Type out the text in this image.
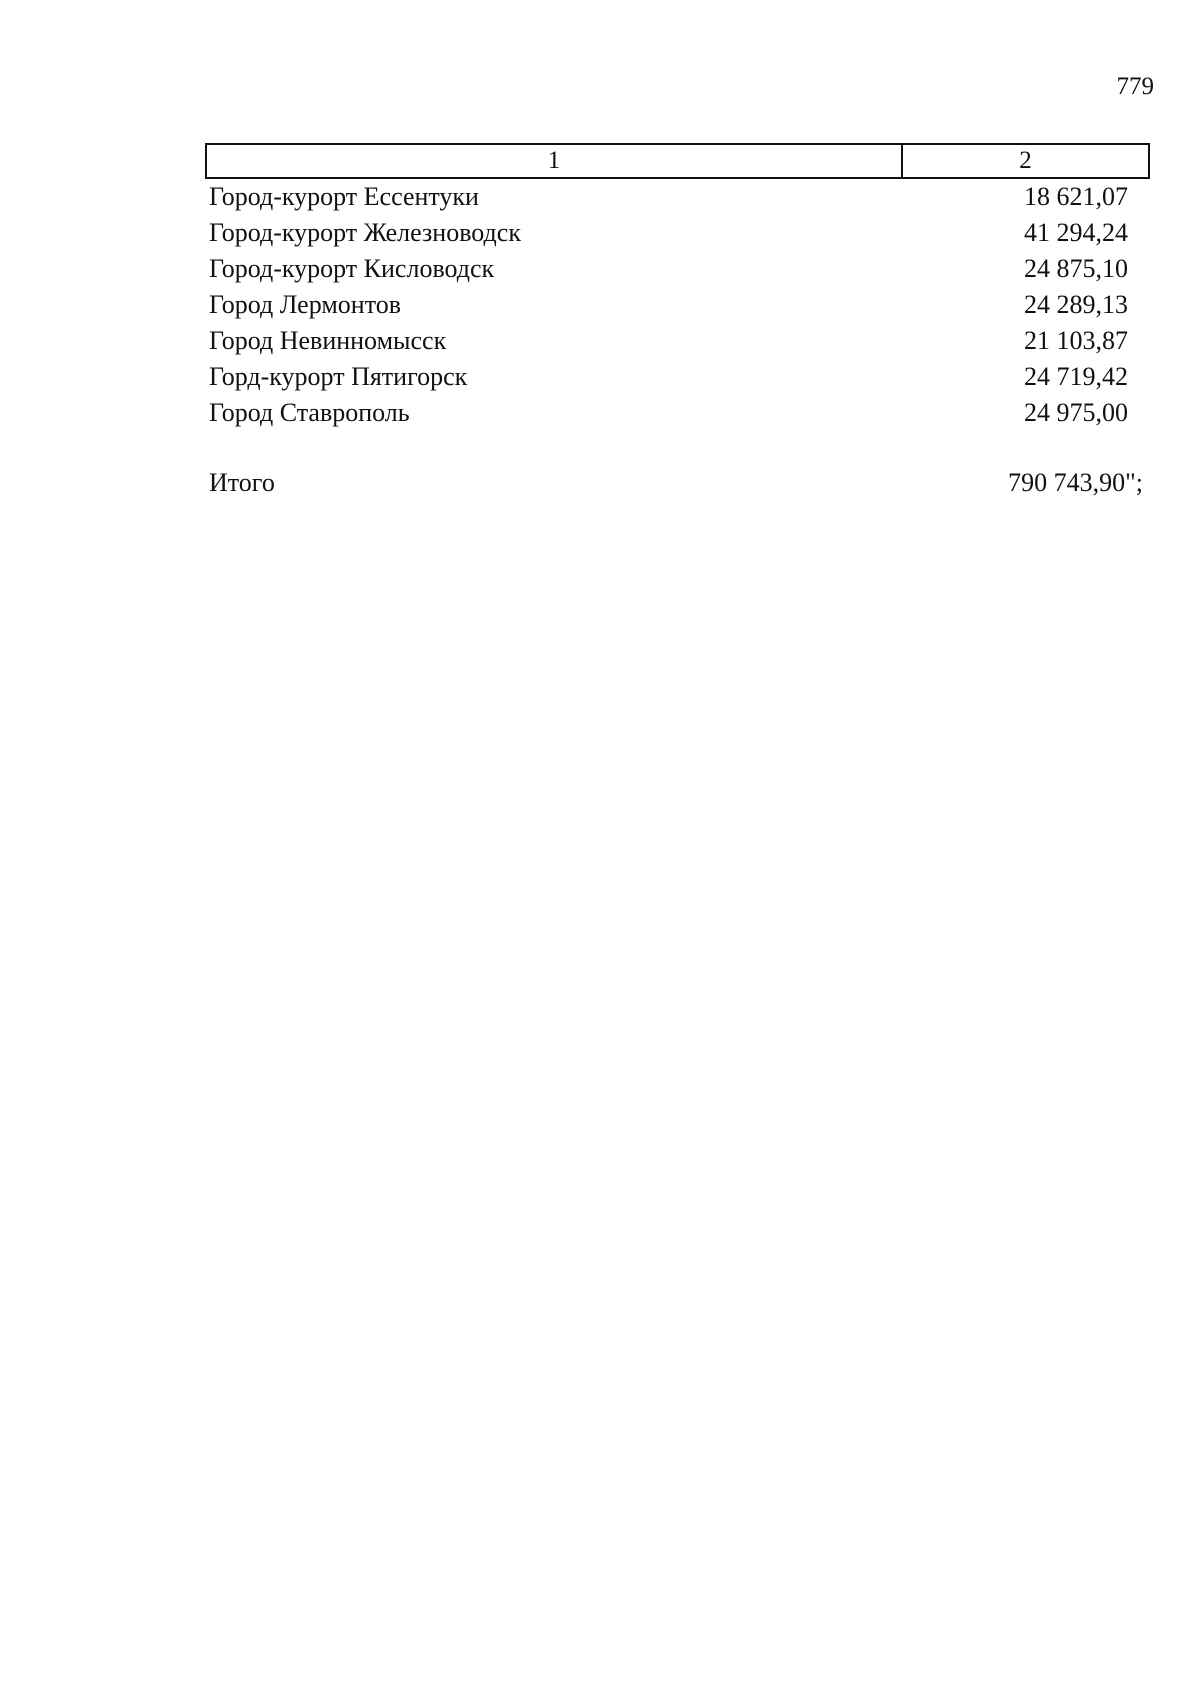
779
1	2
Город-курорт Ессентуки	18 621,07
Город-курорт Железноводск	41 294,24
Город-курорт Кисловодск	24 875,10
Город Лермонтов	24 289,13
Город Невинномысск	21 103,87
Горд-курорт Пятигорск	24 719,42
Город Ставрополь	24 975,00

Итого	790 743,90";
